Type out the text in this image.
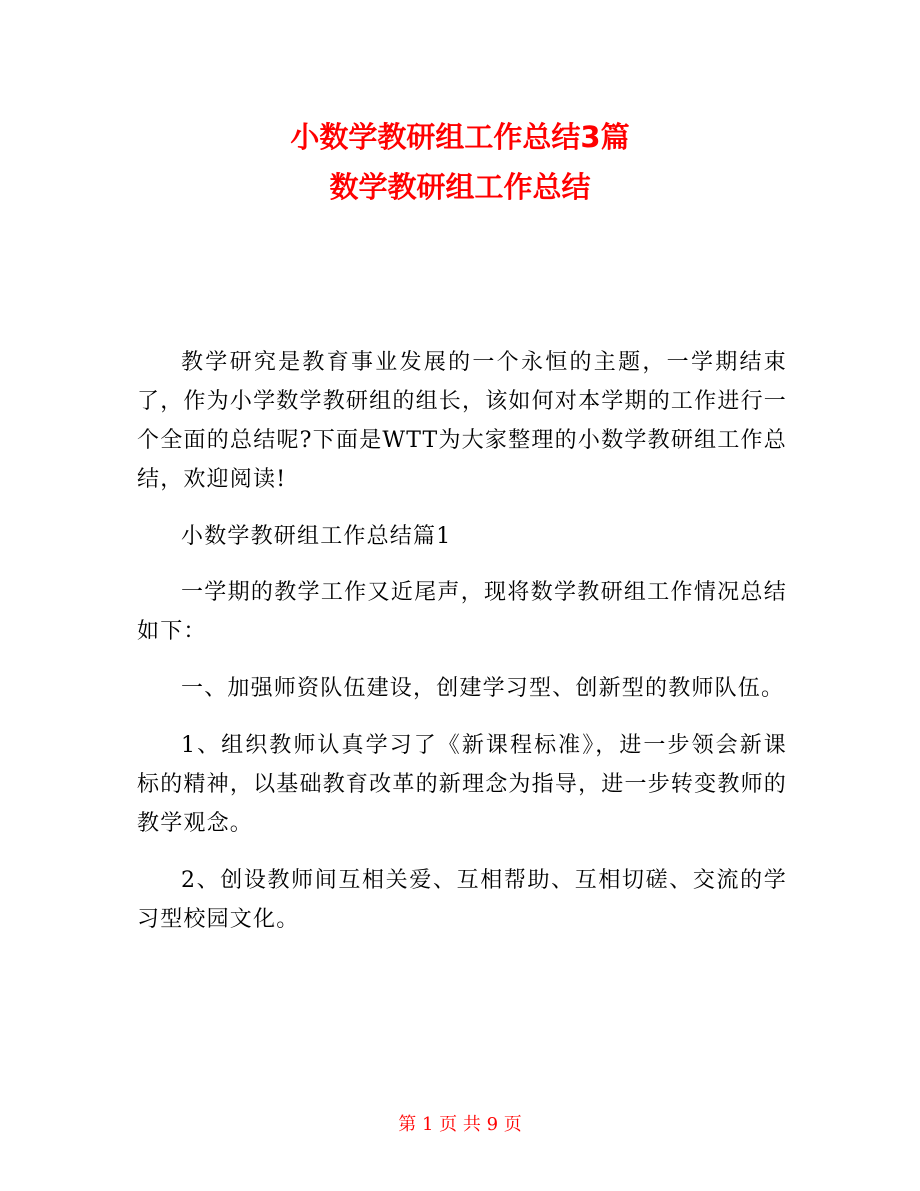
小数学教研组工作总结3篇
数学教研组工作总结

教学研究是教育事业发展的一个永恒的主题，一学期结束了，作为小学数学教研组的组长，该如何对本学期的工作进行一个全面的总结呢?下面是WTT为大家整理的小数学教研组工作总结，欢迎阅读!

小数学教研组工作总结篇1

一学期的教学工作又近尾声，现将数学教研组工作情况总结如下：

一、加强师资队伍建设，创建学习型、创新型的教师队伍。

1、组织教师认真学习了《新课程标准》，进一步领会新课标的精神，以基础教育改革的新理念为指导，进一步转变教师的教学观念。

2、创设教师间互相关爱、互相帮助、互相切磋、交流的学习型校园文化。

第 1 页 共 9 页
